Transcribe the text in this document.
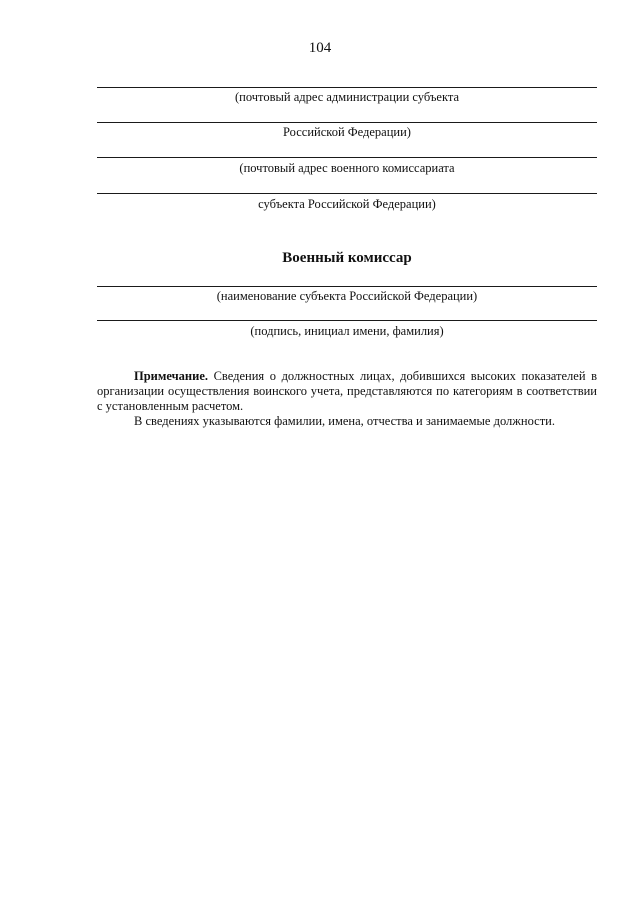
104
(почтовый адрес администрации субъекта
Российской Федерации)
(почтовый адрес военного комиссариата
субъекта Российской Федерации)
Военный комиссар
(наименование субъекта Российской Федерации)
(подпись, инициал имени, фамилия)

Примечание. Сведения о должностных лицах, добившихся высоких показателей в организации осуществления воинского учета, представляются по категориям в соответствии с установленным расчетом.

В сведениях указываются фамилии, имена, отчества и занимаемые должности.
